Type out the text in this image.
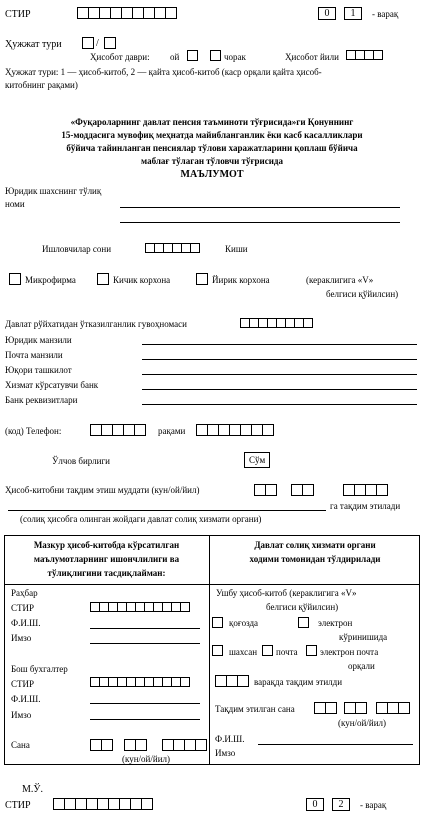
СТИР	0	1	- варақ
Ҳужжат тури	/
Ҳисобот даври: ой	чорак	Ҳисобот йили
Ҳужжат тури: 1 — ҳисоб-китоб, 2 — қайта ҳисоб-китоб (каср орқали қайта ҳисоб-
китобнинг рақами)
«Фуқароларнинг давлат пенсия таъминоти тўғрисида»ги Қонуннинг
15-моддасига мувофиқ меҳнатда майибланганлик ёки касб касалликлари
бўйича тайинланган пенсиялар тўлови харажатларини қоплаш бўйича
маблағ тўлаган тўловчи тўғрисида
МАЪЛУМОТ
Юридик шахснинг тўлиқ
номи
Ишловчилар сони	Киши
Микрофирма	Кичик корхона	Йирик корхона	(кераклигига «V»
белгиси қўйилсин)
Давлат рўйхатидан ўтказилганлик гувоҳномаси
Юридик манзили
Почта манзили
Юқори ташкилот
Хизмат кўрсатувчи банк
Банк реквизитлари
(код) Телефон:	рақами
Ўлчов бирлиги	Сўм
Ҳисоб-китобни тақдим этиш муддати (кун/ой/йил)
га тақдим этилади
(солиқ ҳисобга олинган жойдаги давлат солиқ хизмати органи)
Мазкур ҳисоб-китобда кўрсатилган
маълумотларнинг ишончлилиги ва
тўлиқлигини тасдиқлайман:
Давлат солиқ хизмати органи
ходими томонидан тўлдирилади
Раҳбар
СТИР
Ф.И.Ш.
Имзо
Бош бухгалтер
СТИР
Ф.И.Ш.
Имзо
Сана
(кун/ой/йил)
Ушбу ҳисоб-китоб (кераклигига «V»
белгиси қўйилсин)
қоғозда	электрон
кўринишида
шахсан почта электрон почта
орқали
варақда тақдим этилди
Тақдим этилган сана
(кун/ой/йил)
Ф.И.Ш.
Имзо
М.Ў.
СТИР	0	2	- варақ
